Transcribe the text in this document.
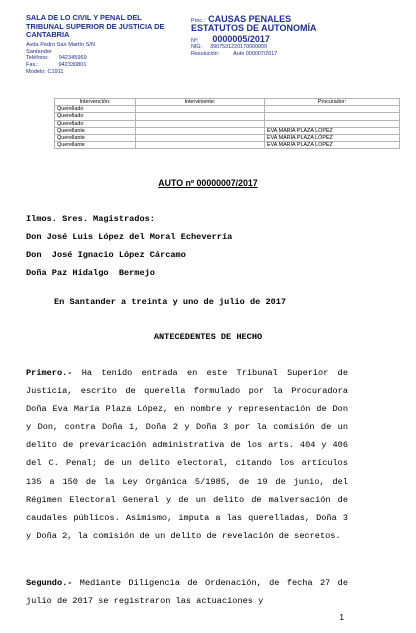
SALA DE LO CIVIL Y PENAL DEL
TRIBUNAL SUPERIOR DE JUSTICIA DE
CANTABRIA
Avda Pedro San Martín S/N
Santander
Teléfono: 942345969
Fax.:	942330801
Modelo: C1911
Proc.: CAUSAS PENALES
ESTATUTOS DE AUTONOMÍA
Nº: 0000005/2017
NIG: 3907531220170000009
Resolución:	Auto 000007/2017
Intervención:	Interviniente:	Procurador:
Querellado		
Querellado		
Querellado		
Querellante		EVA MARÍA PLAZA LOPEZ
Querellante		EVA MARÍA PLAZA LÓPEZ
Querellante		EVA MARÍA PLAZA LOPEZ
AUTO nº 00000007/2017
Ilmos. Sres. Magistrados:
Don José Luis López del Moral Echeverría
Don  José Ignacio López Cárcamo
Doña Paz Hidalgo  Bermejo
En Santander a treinta y uno de julio de 2017
ANTECEDENTES DE HECHO
Primero.- Ha tenido entrada en este Tribunal Superior de Justicia, escrito de querella formulado por la Procuradora Doña Eva María Plaza López, en nombre y representación de Don y Don, contra Doña 1, Doña 2 y Doña 3 por la comisión de un delito de prevaricación administrativa de los arts. 404 y 406 del C. Penal; de un delito electoral, citando los artículos 135 a 150 de la Ley Orgánica 5/1985, de 19 de junio, del Régimen Electoral General y de un delito de malversación de caudales públicos. Asimismo, imputa a las querelladas, Doña 3 y Doña 2, la comisión de un delito de revelación de secretos.
Segundo.- Mediante Diligencia de Ordenación, de fecha 27 de julio de 2017 se registraron las actuaciones y
1
